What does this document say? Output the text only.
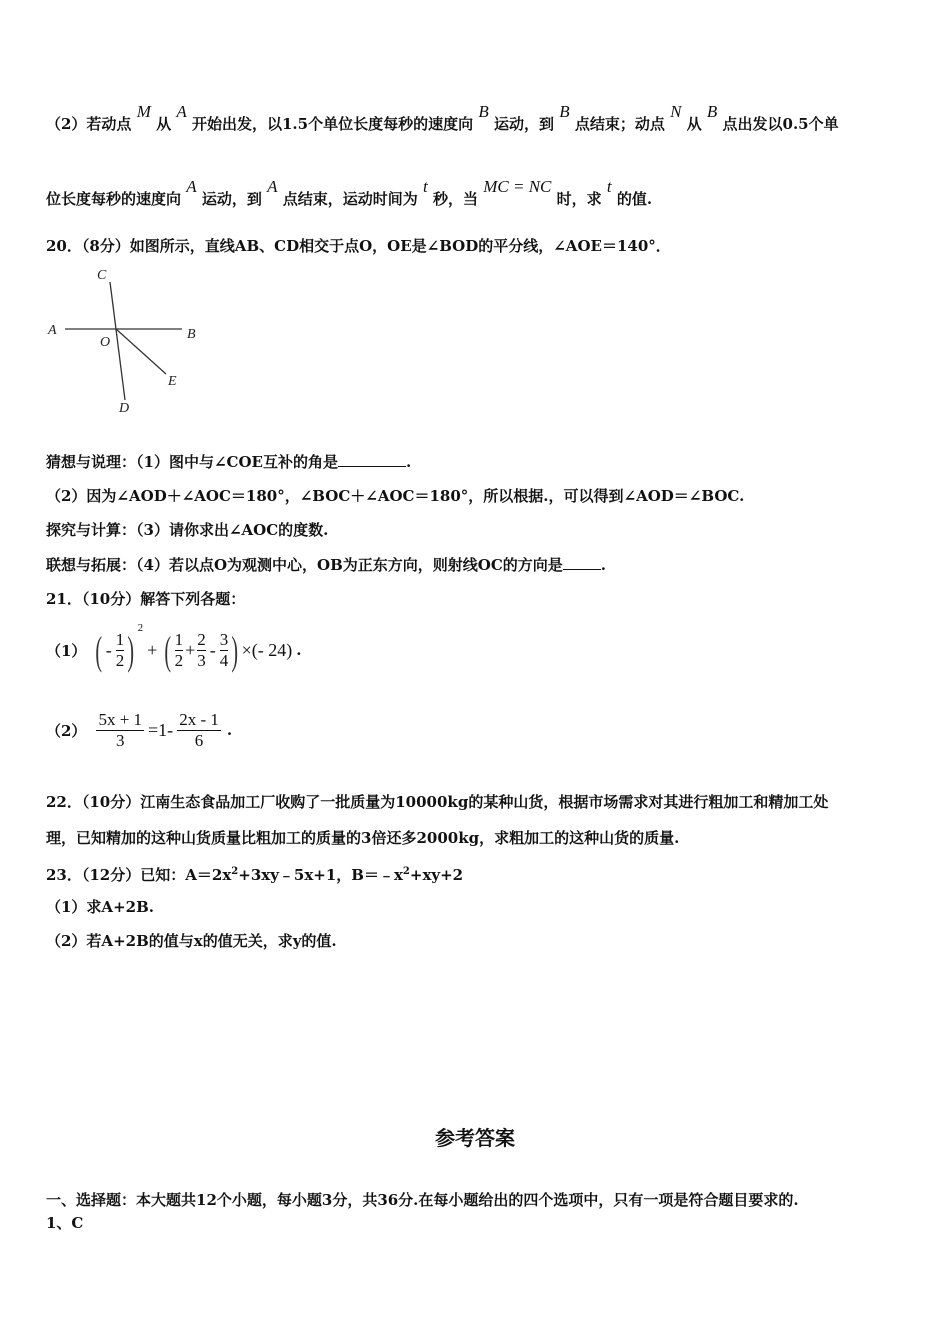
（2）若动点 M 从 A 开始出发，以1.5个单位长度每秒的速度向 B 运动，到 B 点结束；动点 N 从 B 点出发以0.5个单
位长度每秒的速度向 A 运动，到 A 点结束，运动时间为 t 秒，当 MC = NC 时，求 t 的值.
20．（8分）如图所示，直线AB、CD相交于点O，OE是∠BOD的平分线，∠AOE＝140°．
A	B
C
O
E
D
猜想与说理：（1）图中与∠COE互补的角是	.
（2）因为∠AOD＋∠AOC＝180°，∠BOC＋∠AOC＝180°，所以根据.，可以得到∠AOD＝∠BOC.
探究与计算：（3）请你求出∠AOC的度数.
联想与拓展：（4）若以点O为观测中心，OB为正东方向，则射线OC的方向是	.
21．（10分）解答下列各题：
（1） ( - $\frac{1}{2}$ ) 2
+ ( $\frac{1}{2} + \frac{2}{3} - \frac{3}{4}$ ) ×(- 24) .
$(2) \frac{5x + 1}{3} =1- \frac{2x - 1}{6}$ .
22．（10分）江南生态食品加工厂收购了一批质量为10000kg的某种山货，根据市场需求对其进行粗加工和精加工处
理，已知精加的这种山货质量比粗加工的质量的3倍还多2000kg，求粗加工的这种山货的质量.
23．（12分）已知：$A=2x^2+3xy﹣5x+1$，$B=﹣x^2+xy+2$
（1）求A+2B.
（2）若A+2B的值与x的值无关，求y的值.
参考答案
一、选择题：本大题共12个小题，每小题3分，共36分.在每小题给出的四个选项中，只有一项是符合题目要求的.
1、C
